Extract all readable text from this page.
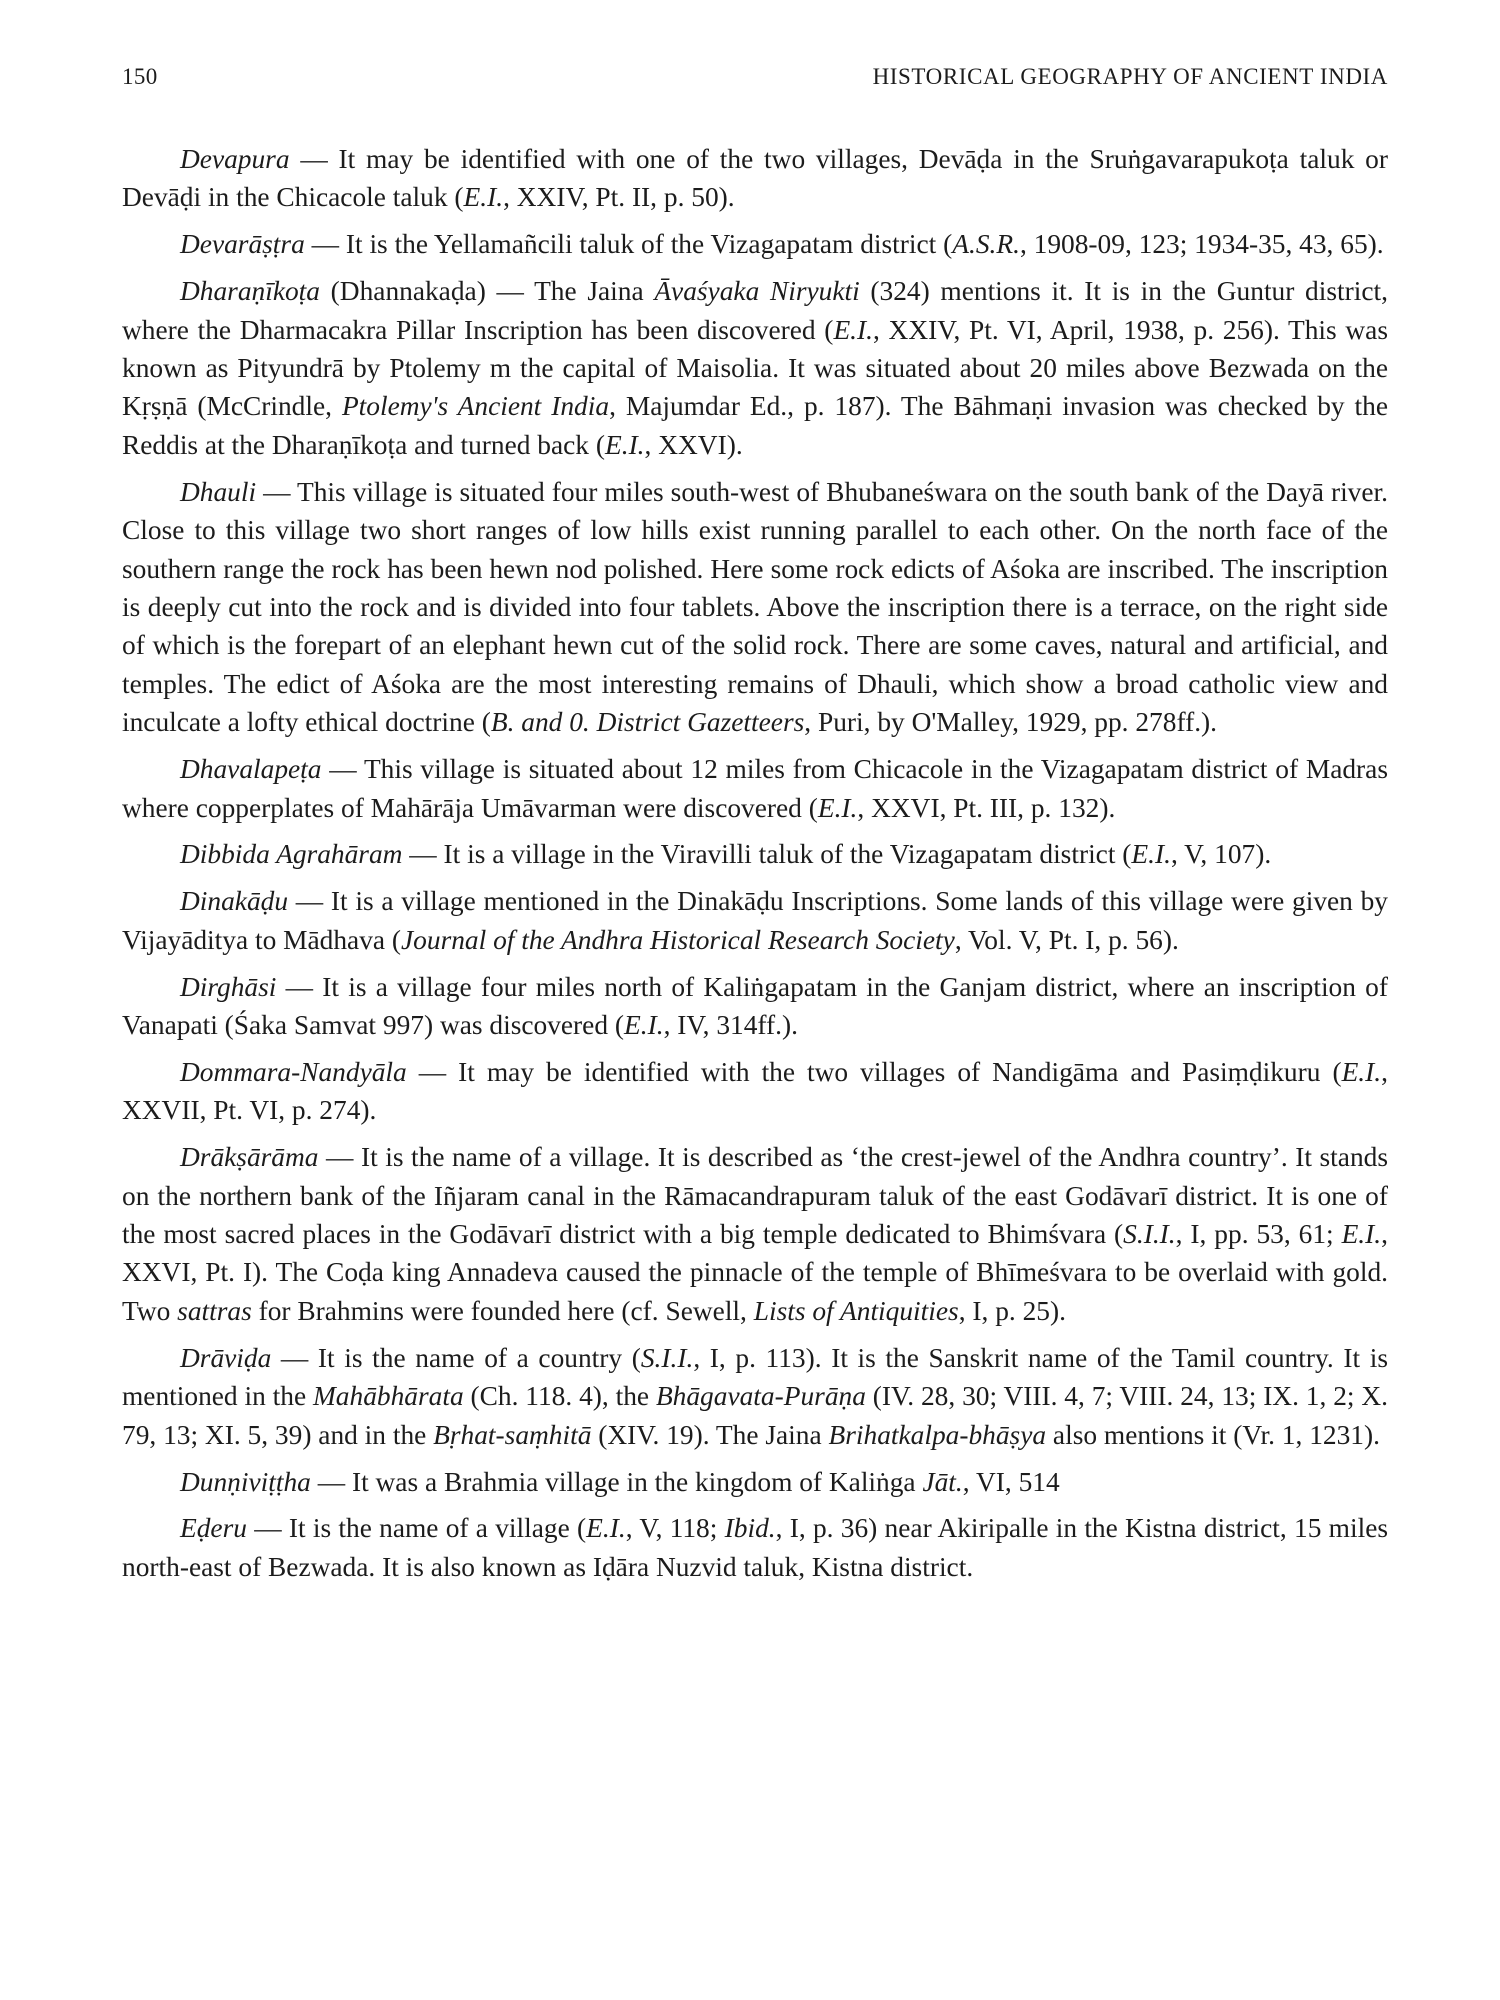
150	HISTORICAL GEOGRAPHY OF ANCIENT INDIA

Devapura — It may be identified with one of the two villages, Devāḍa in the Sruṅgavarapukoṭa taluk or Devāḍi in the Chicacole taluk (E.I., XXIV, Pt. II, p. 50).

Devarāṣṭra — It is the Yellamañcili taluk of the Vizagapatam district (A.S.R., 1908-09, 123; 1934-35, 43, 65).

Dharaṇīkoṭa (Dhannakaḍa) — The Jaina Āvaśyaka Niryukti (324) mentions it. It is in the Guntur district, where the Dharmacakra Pillar Inscription has been discovered (E.I., XXIV, Pt. VI, April, 1938, p. 256). This was known as Pityundrā by Ptolemy m the capital of Maisolia. It was situated about 20 miles above Bezwada on the Kṛṣṇā (McCrindle, Ptolemy's Ancient India, Majumdar Ed., p. 187). The Bāhmaṇi invasion was checked by the Reddis at the Dharaṇīkoṭa and turned back (E.I., XXVI).

Dhauli — This village is situated four miles south-west of Bhubaneśwara on the south bank of the Dayā river. Close to this village two short ranges of low hills exist running parallel to each other. On the north face of the southern range the rock has been hewn nod polished. Here some rock edicts of Aśoka are inscribed. The inscription is deeply cut into the rock and is divided into four tablets. Above the inscription there is a terrace, on the right side of which is the forepart of an elephant hewn cut of the solid rock. There are some caves, natural and artificial, and temples. The edict of Aśoka are the most interesting remains of Dhauli, which show a broad catholic view and inculcate a lofty ethical doctrine (B. and 0. District Gazetteers, Puri, by O'Malley, 1929, pp. 278ff.).

Dhavalapeṭa — This village is situated about 12 miles from Chicacole in the Vizagapatam district of Madras where copperplates of Mahārāja Umāvarman were discovered (E.I., XXVI, Pt. III, p. 132).

Dibbida Agrahāram — It is a village in the Viravilli taluk of the Vizagapatam district (E.I., V, 107).

Dinakāḍu — It is a village mentioned in the Dinakāḍu Inscriptions. Some lands of this village were given by Vijayāditya to Mādhava (Journal of the Andhra Historical Research Society, Vol. V, Pt. I, p. 56).

Dirghāsi — It is a village four miles north of Kaliṅgapatam in the Ganjam district, where an inscription of Vanapati (Śaka Samvat 997) was discovered (E.I., IV, 314ff.).

Dommara-Nandyāla — It may be identified with the two villages of Nandigāma and Pasiṃḍikuru (E.I., XXVII, Pt. VI, p. 274).

Drākṣārāma — It is the name of a village. It is described as ‘the crest-jewel of the Andhra country’. It stands on the northern bank of the Iñjaram canal in the Rāmacandrapuram taluk of the east Godāvarī district. It is one of the most sacred places in the Godāvarī district with a big temple dedicated to Bhimśvara (S.I.I., I, pp. 53, 61; E.I., XXVI, Pt. I). The Coḍa king Annadeva caused the pinnacle of the temple of Bhīmeśvara to be overlaid with gold. Two sattras for Brahmins were founded here (cf. Sewell, Lists of Antiquities, I, p. 25).

Drāviḍa — It is the name of a country (S.I.I., I, p. 113). It is the Sanskrit name of the Tamil country. It is mentioned in the Mahābhārata (Ch. 118. 4), the Bhāgavata-Purāṇa (IV. 28, 30; VIII. 4, 7; VIII. 24, 13; IX. 1, 2; X. 79, 13; XI. 5, 39) and in the Bṛhat-saṃhitā (XIV. 19). The Jaina Brihatkalpa-bhāṣya also mentions it (Vr. 1, 1231).

Dunṇiviṭṭha — It was a Brahmia village in the kingdom of Kaliṅga Jāt., VI, 514

Eḍeru — It is the name of a village (E.I., V, 118; Ibid., I, p. 36) near Akiripalle in the Kistna district, 15 miles north-east of Bezwada. It is also known as Iḍāra Nuzvid taluk, Kistna district.
